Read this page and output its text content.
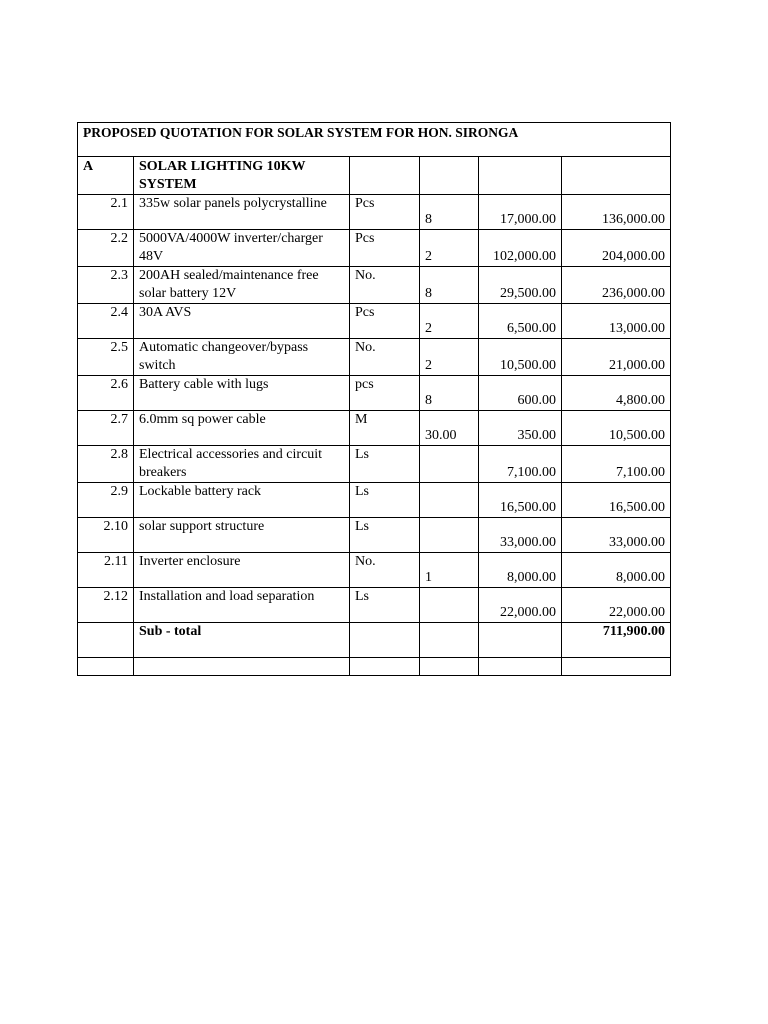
PROPOSED QUOTATION FOR SOLAR SYSTEM FOR HON. SIRONGA					
A	SOLAR LIGHTING 10KW SYSTEM				
2.1	335w solar panels polycrystalline	Pcs	8	17,000.00	136,000.00
2.2	5000VA/4000W inverter/charger 48V	Pcs	2	102,000.00	204,000.00
2.3	200AH sealed/maintenance free solar battery 12V	No.	8	29,500.00	236,000.00
2.4	30A AVS	Pcs	2	6,500.00	13,000.00
2.5	Automatic changeover/bypass switch	No.	2	10,500.00	21,000.00
2.6	Battery cable with lugs	pcs	8	600.00	4,800.00
2.7	6.0mm sq power cable	M	30.00	350.00	10,500.00
2.8	Electrical accessories and circuit breakers	Ls		7,100.00	7,100.00
2.9	Lockable battery rack	Ls		16,500.00	16,500.00
2.10	solar support structure	Ls		33,000.00	33,000.00
2.11	Inverter enclosure	No.	1	8,000.00	8,000.00
2.12	Installation and load separation	Ls		22,000.00	22,000.00
	Sub - total				711,900.00
